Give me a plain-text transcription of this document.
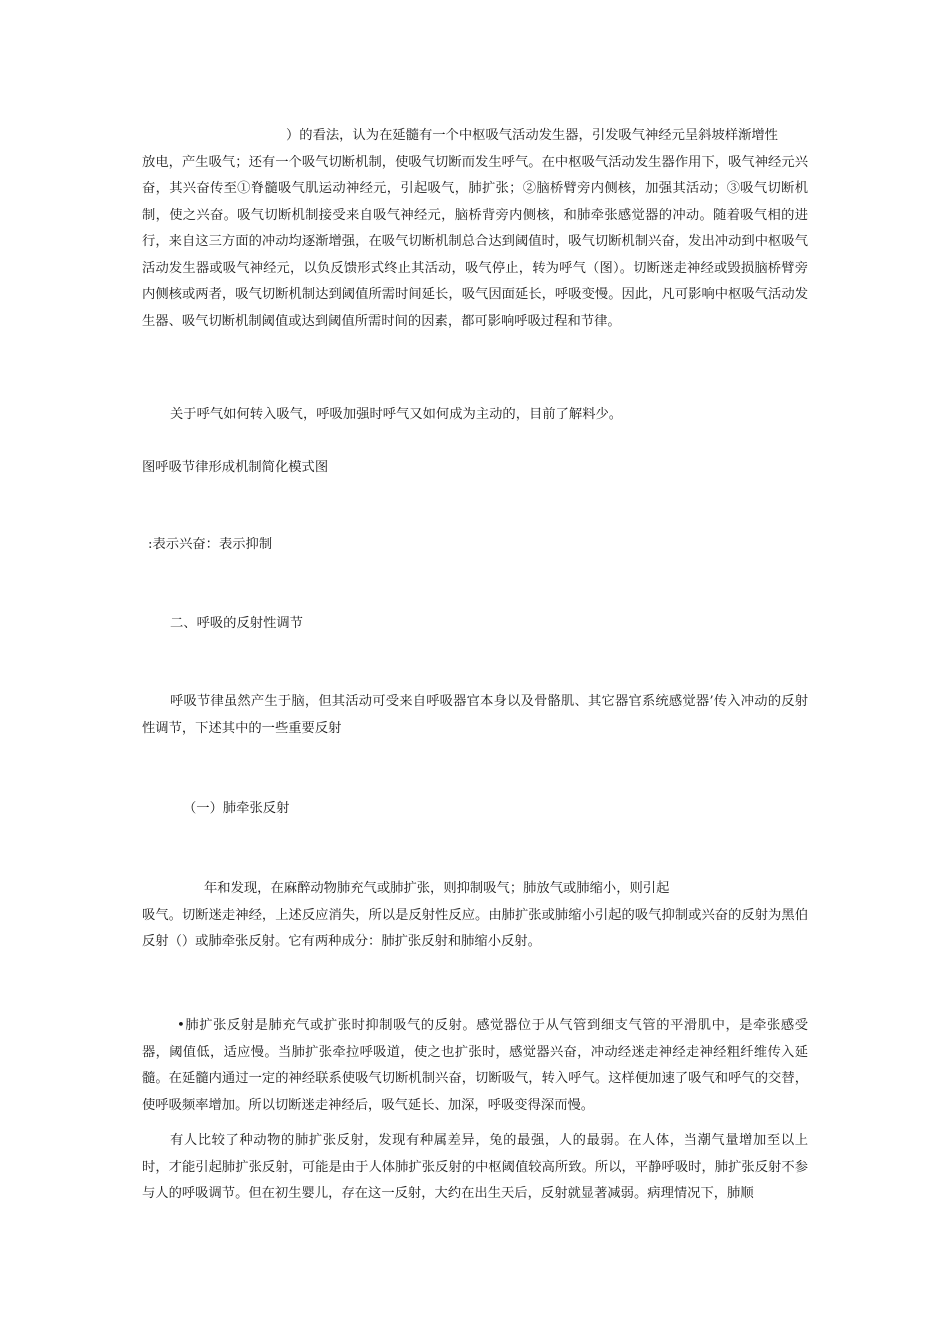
）的看法，认为在延髓有一个中枢吸气活动发生器，引发吸气神经元呈斜坡样渐增性
放电，产生吸气；还有一个吸气切断机制，使吸气切断而发生呼气。在中枢吸气活动发生器作用下，吸气神经元兴奋，其兴奋传至①脊髓吸气肌运动神经元，引起吸气，肺扩张；②脑桥臂旁内侧核，加强其活动；③吸气切断机制，使之兴奋。吸气切断机制接受来自吸气神经元，脑桥背旁内侧核，和肺牵张感觉器的冲动。随着吸气相的进行，来自这三方面的冲动均逐渐增强，在吸气切断机制总合达到阈值时，吸气切断机制兴奋，发出冲动到中枢吸气活动发生器或吸气神经元，以负反馈形式终止其活动，吸气停止，转为呼气（图）。切断迷走神经或毁损脑桥臂旁内侧核或两者，吸气切断机制达到阈值所需时间延长，吸气因面延长，呼吸变慢。因此，凡可影响中枢吸气活动发生器、吸气切断机制阈值或达到阈值所需时间的因素，都可影响呼吸过程和节律。
关于呼气如何转入吸气，呼吸加强时呼气又如何成为主动的，目前了解料少。
图呼吸节律形成机制简化模式图
:表示兴奋：表示抑制
二、呼吸的反射性调节
呼吸节律虽然产生于脑，但其活动可受来自呼吸器官本身以及骨骼肌、其它器官系统感觉器’传入冲动的反射性调节，下述其中的一些重要反射
（一）肺牵张反射
年和发现，在麻醉动物肺充气或肺扩张，则抑制吸气；肺放气或肺缩小，则引起
吸气。切断迷走神经，上述反应消失，所以是反射性反应。由肺扩张或肺缩小引起的吸气抑制或兴奋的反射为黑伯反射（）或肺牵张反射。它有两种成分：肺扩张反射和肺缩小反射。
•肺扩张反射是肺充气或扩张时抑制吸气的反射。感觉器位于从气管到细支气管的平滑肌中，是牵张感受器，阈值低，适应慢。当肺扩张牵拉呼吸道，使之也扩张时，感觉器兴奋，冲动经迷走神经走神经粗纤维传入延髓。在延髓内通过一定的神经联系使吸气切断机制兴奋，切断吸气，转入呼气。这样便加速了吸气和呼气的交替，使呼吸频率增加。所以切断迷走神经后，吸气延长、加深，呼吸变得深而慢。
有人比较了种动物的肺扩张反射，发现有种属差异，兔的最强，人的最弱。在人体，当潮气量增加至以上时，才能引起肺扩张反射，可能是由于人体肺扩张反射的中枢阈值较高所致。所以，平静呼吸时，肺扩张反射不参与人的呼吸调节。但在初生婴儿，存在这一反射，大约在出生天后，反射就显著减弱。病理情况下，肺顺
